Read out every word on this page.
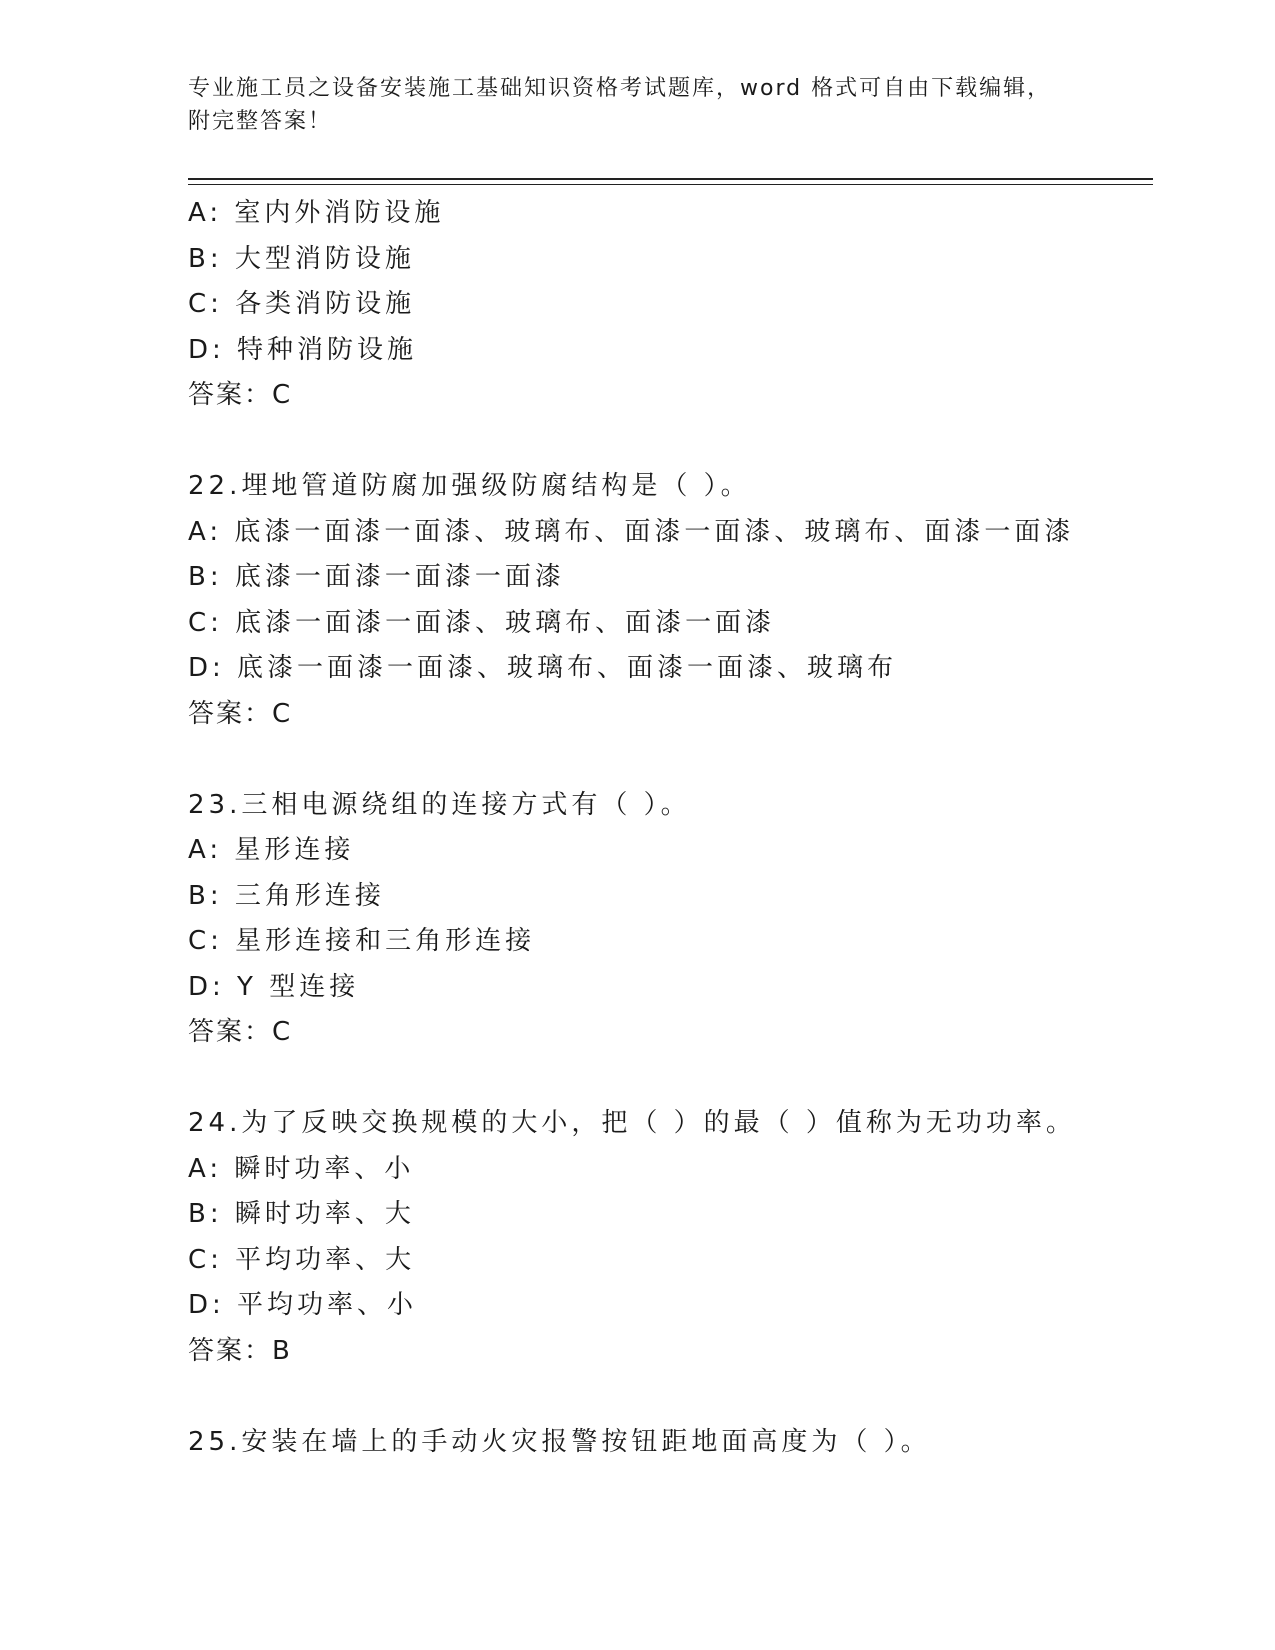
专业施工员之设备安装施工基础知识资格考试题库，word 格式可自由下载编辑，
附完整答案！
A: 室内外消防设施
B: 大型消防设施
C: 各类消防设施
D: 特种消防设施
答案：C
22.埋地管道防腐加强级防腐结构是（ ）。
A: 底漆一面漆一面漆、玻璃布、面漆一面漆、玻璃布、面漆一面漆
B: 底漆一面漆一面漆一面漆
C: 底漆一面漆一面漆、玻璃布、面漆一面漆
D: 底漆一面漆一面漆、玻璃布、面漆一面漆、玻璃布
答案：C
23.三相电源绕组的连接方式有（ ）。
A: 星形连接
B: 三角形连接
C: 星形连接和三角形连接
D: Y 型连接
答案：C
24.为了反映交换规模的大小，把（ ）的最（ ）值称为无功功率。
A: 瞬时功率、小
B: 瞬时功率、大
C: 平均功率、大
D: 平均功率、小
答案：B
25.安装在墙上的手动火灾报警按钮距地面高度为（ ）。
